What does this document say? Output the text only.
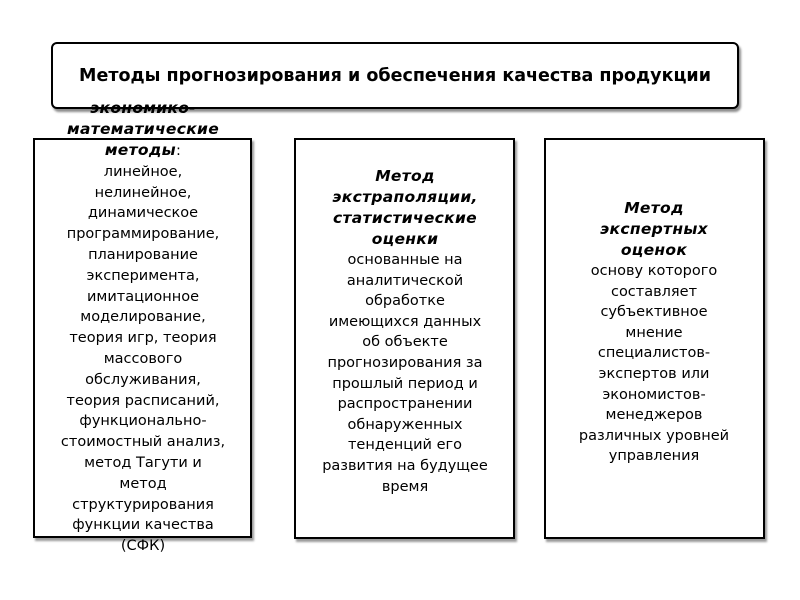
Методы прогнозирования и обеспечения качества продукции
экономико-математические методы:
линейное,
нелинейное,
динамическое
программирование,
планирование
эксперимента,
имитационное
моделирование,
теория игр, теория
массового
обслуживания,
теория расписаний,
функционально-
стоимостный анализ,
метод Тагути и
метод
структурирования
функции качества
(СФК)
Метод
экстраполяции,
статистические
оценки
основанные на
аналитической
обработке
имеющихся данных
об объекте
прогнозирования за
прошлый период и
распространении
обнаруженных
тенденций его
развития на будущее
время
Метод
экспертных
оценок
основу которого
составляет
субъективное
мнение
специалистов-
экспертов или
экономистов-
менеджеров
различных уровней
управления
